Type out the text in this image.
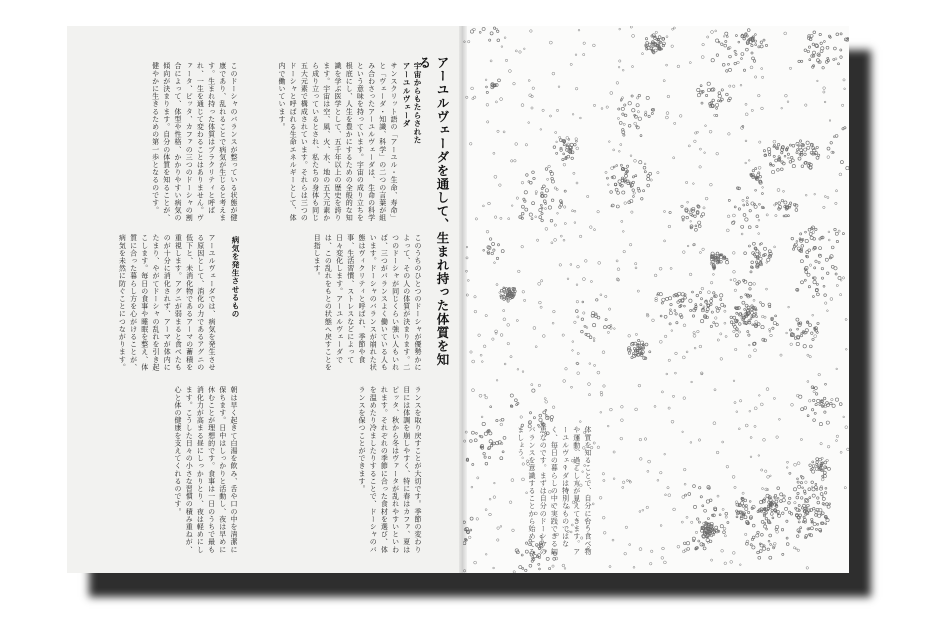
アーユルヴェーダを通して、生まれ持った体質を知る
宇宙からもたらされた
アーユルヴェーダ
サンスクリット語の「アーユル・生命、寿命」と「ヴェーダ・知識、科学」の二つの言葉が組み合わさったアーユルヴェーダは、生命の科学という意味を持っています。宇宙の成り立ちを根底にし、人生を豊かにするための全般的な知識を学ぶ医学として、五千年以上の歴史を誇ります。宇宙は空、風、火、水、地の五大元素から成り立っているとされ、私たちの身体も同じ五大元素で構成されています。それらは三つのドーシャと呼ばれる生命エネルギーとして、体内で働いています。
このドーシャのバランスが整っている状態が健康であり、乱れることで病気が生じると考えます。生まれ持った体質はプラクリティと呼ばれ、一生を通じて変わることはありません。ヴァータ、ピッタ、カファの三つのドーシャの割合によって、体型や性格、かかりやすい病気の傾向が決まります。自分の体質を知ることが、健やかに生きるための第一歩となるのです。
このうちのひとつのドーシャが優勢かによって、その人の体質が決まります。二つのドーシャが同じくらい強い人もいれば、三つがバランスよく働いている人もいます。ドーシャのバランスが崩れた状態はヴィクリティと呼ばれ、季節や食事、生活習慣、ストレスなどによって日々変化します。アーユルヴェーダでは、この乱れをもとの状態へ戻すことを目指します。
病気を発生させるもの
アーユルヴェーダでは、病気を発生させる原因として、消化の力であるアグニの低下と、未消化物であるアーマの蓄積を重視します。アグニが弱まると食べたものが十分に消化されず、アーマが体内にたまり、やがてドーシャの乱れを引き起こします。毎日の食事や睡眠を整え、体質に合った暮らし方を心がけることが、病気を未然に防ぐことにつながります。
ランスを取り戻すことが大切です。季節の変わり目には体調を崩しやすく、特に春はカファ、夏はピッタ、秋から冬はヴァータが乱れやすいといわれます。それぞれの季節に合った食材を選び、体を温めたり冷ましたりすることで、ドーシャのバランスを保つことができます。
朝は早く起きて白湯を飲み、舌や口の中を清潔に保ちます。日中はしっかりと活動し、夜は早めに休むことが理想的です。食事は一日のうちで最も消化力が高まる昼にしっかりとり、夜は軽めにします。こうした日々の小さな習慣の積み重ねが、心と体の健康を支えてくれるのです。	体質を知ることで、自分に合う食べ物や運動、過ごし方が見えてきます。アーユルヴェーダは特別なものではなく、毎日の暮らしの中で実践できる知恵なのです。まずは自分のドーシャのバランスを意識することから始めてみましょう。
